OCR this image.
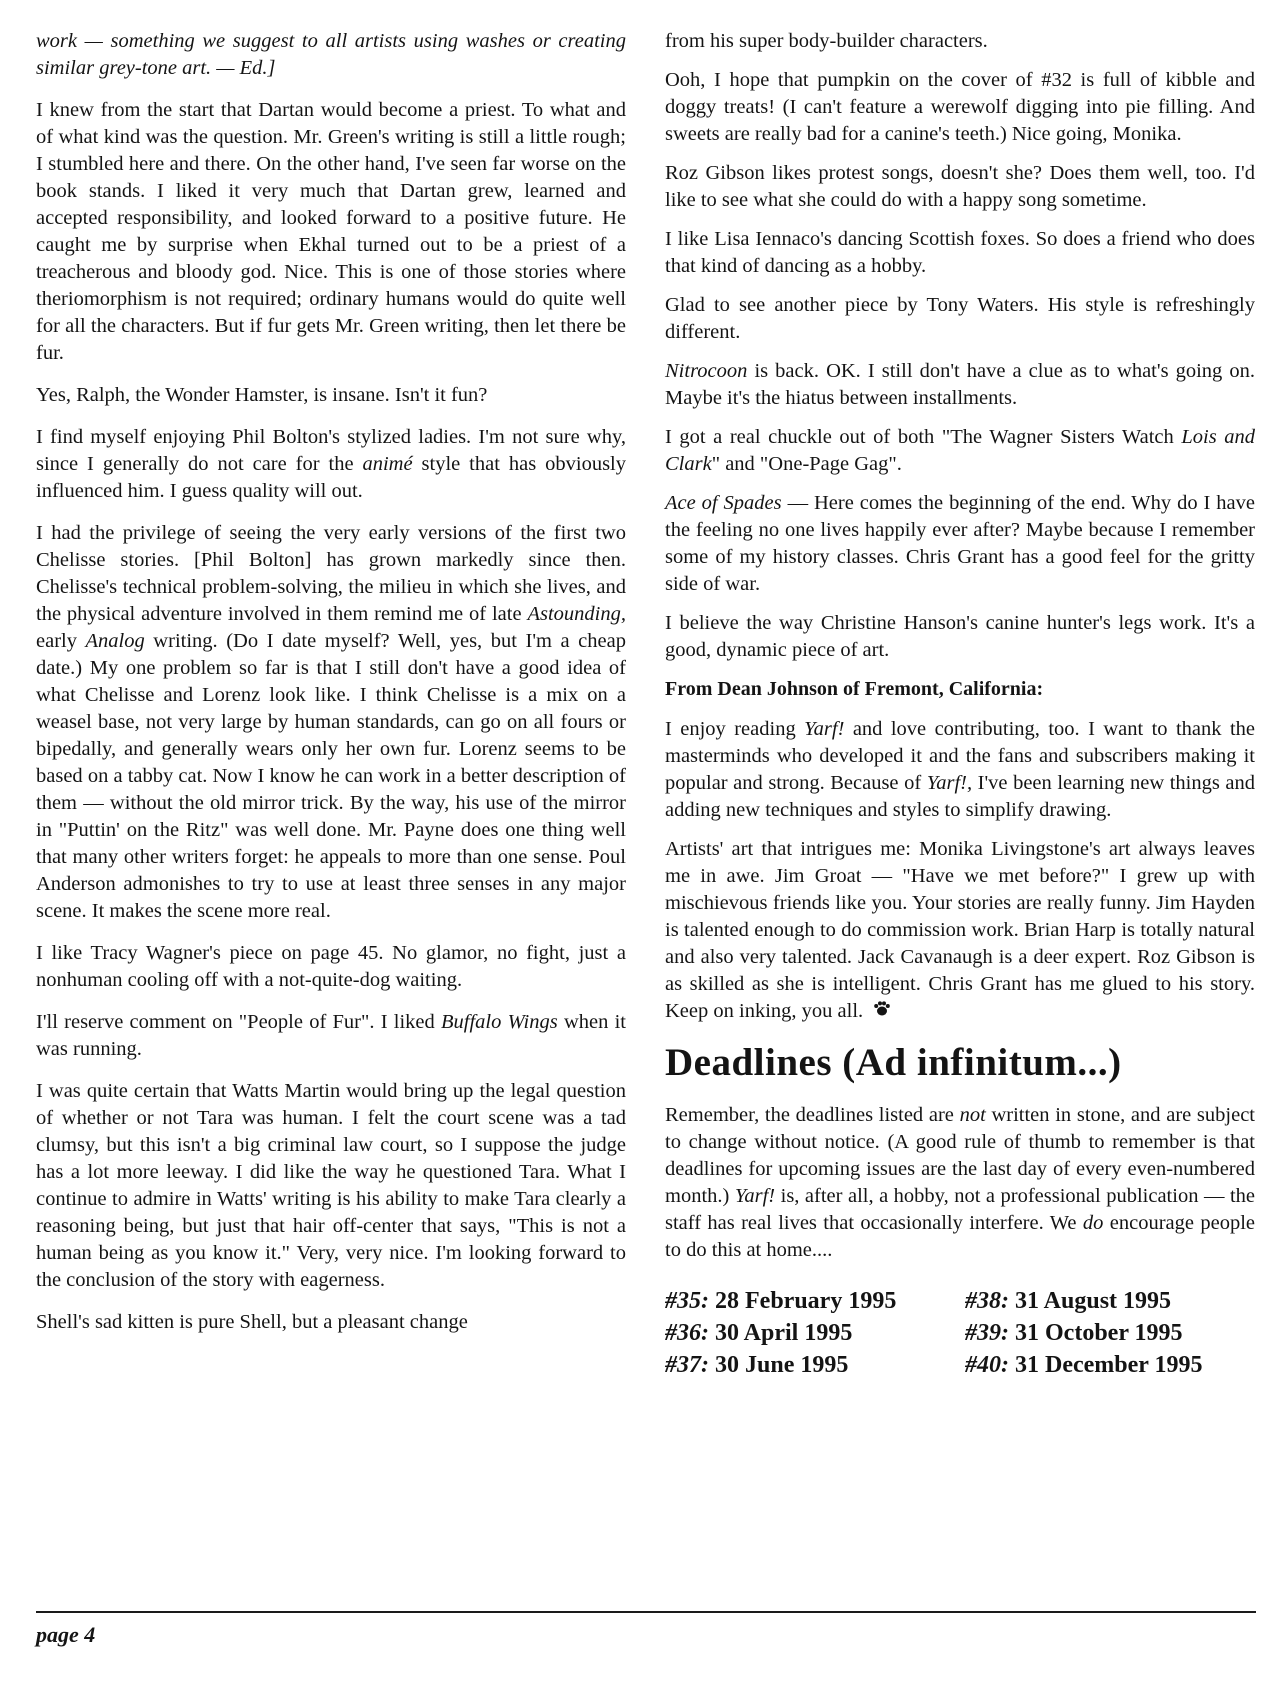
work — something we suggest to all artists using washes or creating similar grey-tone art. — Ed.]

I knew from the start that Dartan would become a priest. To what and of what kind was the question. Mr. Green's writing is still a little rough; I stumbled here and there. On the other hand, I've seen far worse on the book stands. I liked it very much that Dartan grew, learned and accepted responsibility, and looked forward to a positive future. He caught me by surprise when Ekhal turned out to be a priest of a treacherous and bloody god. Nice. This is one of those stories where theriomorphism is not required; ordinary humans would do quite well for all the characters. But if fur gets Mr. Green writing, then let there be fur.

Yes, Ralph, the Wonder Hamster, is insane. Isn't it fun?

I find myself enjoying Phil Bolton's stylized ladies. I'm not sure why, since I generally do not care for the animé style that has obviously influenced him. I guess quality will out.

I had the privilege of seeing the very early versions of the first two Chelisse stories. [Phil Bolton] has grown markedly since then. Chelisse's technical problem-solving, the milieu in which she lives, and the physical adventure involved in them remind me of late Astounding, early Analog writing. (Do I date myself? Well, yes, but I'm a cheap date.) My one problem so far is that I still don't have a good idea of what Chelisse and Lorenz look like. I think Chelisse is a mix on a weasel base, not very large by human standards, can go on all fours or bipedally, and generally wears only her own fur. Lorenz seems to be based on a tabby cat. Now I know he can work in a better description of them — without the old mirror trick. By the way, his use of the mirror in "Puttin' on the Ritz" was well done. Mr. Payne does one thing well that many other writers forget: he appeals to more than one sense. Poul Anderson admonishes to try to use at least three senses in any major scene. It makes the scene more real.

I like Tracy Wagner's piece on page 45. No glamor, no fight, just a nonhuman cooling off with a not-quite-dog waiting.

I'll reserve comment on "People of Fur". I liked Buffalo Wings when it was running.

I was quite certain that Watts Martin would bring up the legal question of whether or not Tara was human. I felt the court scene was a tad clumsy, but this isn't a big criminal law court, so I suppose the judge has a lot more leeway. I did like the way he questioned Tara. What I continue to admire in Watts' writing is his ability to make Tara clearly a reasoning being, but just that hair off-center that says, "This is not a human being as you know it." Very, very nice. I'm looking forward to the conclusion of the story with eagerness.

Shell's sad kitten is pure Shell, but a pleasant change

from his super body-builder characters.

Ooh, I hope that pumpkin on the cover of #32 is full of kibble and doggy treats! (I can't feature a werewolf digging into pie filling. And sweets are really bad for a canine's teeth.) Nice going, Monika.

Roz Gibson likes protest songs, doesn't she? Does them well, too. I'd like to see what she could do with a happy song sometime.

I like Lisa Iennaco's dancing Scottish foxes. So does a friend who does that kind of dancing as a hobby.

Glad to see another piece by Tony Waters. His style is refreshingly different.

Nitrocoon is back. OK. I still don't have a clue as to what's going on. Maybe it's the hiatus between installments.

I got a real chuckle out of both "The Wagner Sisters Watch Lois and Clark" and "One-Page Gag".

Ace of Spades — Here comes the beginning of the end. Why do I have the feeling no one lives happily ever after? Maybe because I remember some of my history classes. Chris Grant has a good feel for the gritty side of war.

I believe the way Christine Hanson's canine hunter's legs work. It's a good, dynamic piece of art.

From Dean Johnson of Fremont, California:

I enjoy reading Yarf! and love contributing, too. I want to thank the masterminds who developed it and the fans and subscribers making it popular and strong. Because of Yarf!, I've been learning new things and adding new techniques and styles to simplify drawing.

Artists' art that intrigues me: Monika Livingstone's art always leaves me in awe. Jim Groat — "Have we met before?" I grew up with mischievous friends like you. Your stories are really funny. Jim Hayden is talented enough to do commission work. Brian Harp is totally natural and also very talented. Jack Cavanaugh is a deer expert. Roz Gibson is as skilled as she is intelligent. Chris Grant has me glued to his story. Keep on inking, you all.

Deadlines (Ad infinitum...)

Remember, the deadlines listed are not written in stone, and are subject to change without notice. (A good rule of thumb to remember is that deadlines for upcoming issues are the last day of every even-numbered month.) Yarf! is, after all, a hobby, not a professional publication — the staff has real lives that occasionally interfere. We do encourage people to do this at home....

#35: 28 February 1995	#38: 31 August 1995
#36: 30 April 1995	#39: 31 October 1995
#37: 30 June 1995	#40: 31 December 1995
page 4
